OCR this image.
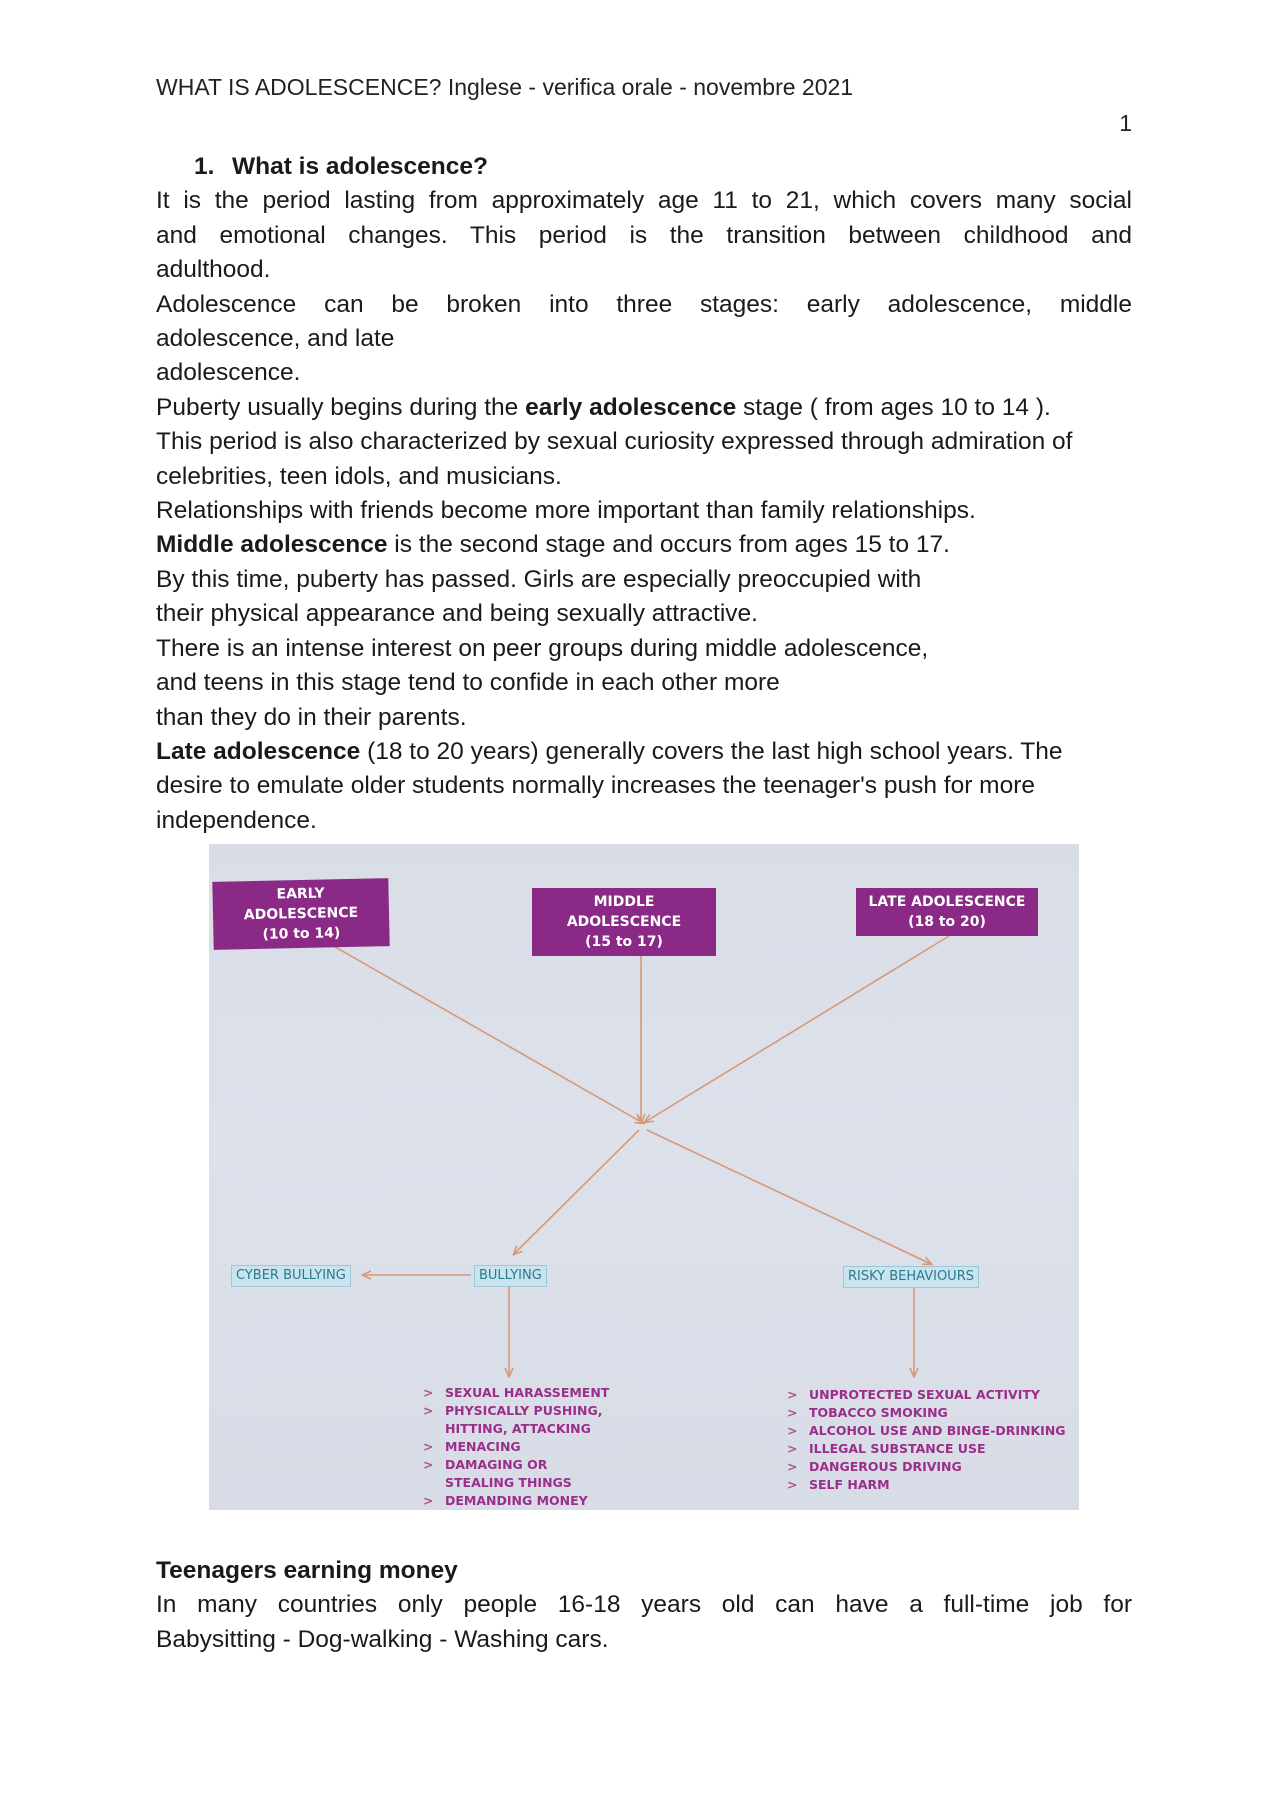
WHAT IS ADOLESCENCE? Inglese - verifica orale - novembre 2021
1

1. What is adolescence?

It is the period lasting from approximately age 11 to 21, which covers many social

and emotional changes. This period is the transition between childhood and

adulthood.

Adolescence can be broken into three stages: early adolescence, middle

adolescence, and late

adolescence.

Puberty usually begins during the early adolescence stage ( from ages 10 to 14 ).

This period is also characterized by sexual curiosity expressed through admiration of

celebrities, teen idols, and musicians.

Relationships with friends become more important than family relationships.

Middle adolescence is the second stage and occurs from ages 15 to 17.

By this time, puberty has passed. Girls are especially preoccupied with

their physical appearance and being sexually attractive.

There is an intense interest on peer groups during middle adolescence,

and teens in this stage tend to confide in each other more

than they do in their parents.

Late adolescence (18 to 20 years) generally covers the last high school years. The

desire to emulate older students normally increases the teenager's push for more

independence.

EARLY ADOLESCENCE
(10 to 14)
MIDDLE ADOLESCENCE
(15 to 17)
LATE ADOLESCENCE
(18 to 20)
CYBER BULLYING	BULLYING	RISKY BEHAVIOURS
> SEXUAL HARASSEMENT
> PHYSICALLY PUSHING,
HITTING, ATTACKING
> MENACING
> DAMAGING OR
STEALING THINGS
> DEMANDING MONEY
> UNPROTECTED SEXUAL ACTIVITY
> TOBACCO SMOKING
> ALCOHOL USE AND BINGE-DRINKING
> ILLEGAL SUBSTANCE USE
> DANGEROUS DRIVING
> SELF HARM
Teenagers earning money

In many countries only people 16-18 years old can have a full-time job for

Babysitting - Dog-walking - Washing cars.
